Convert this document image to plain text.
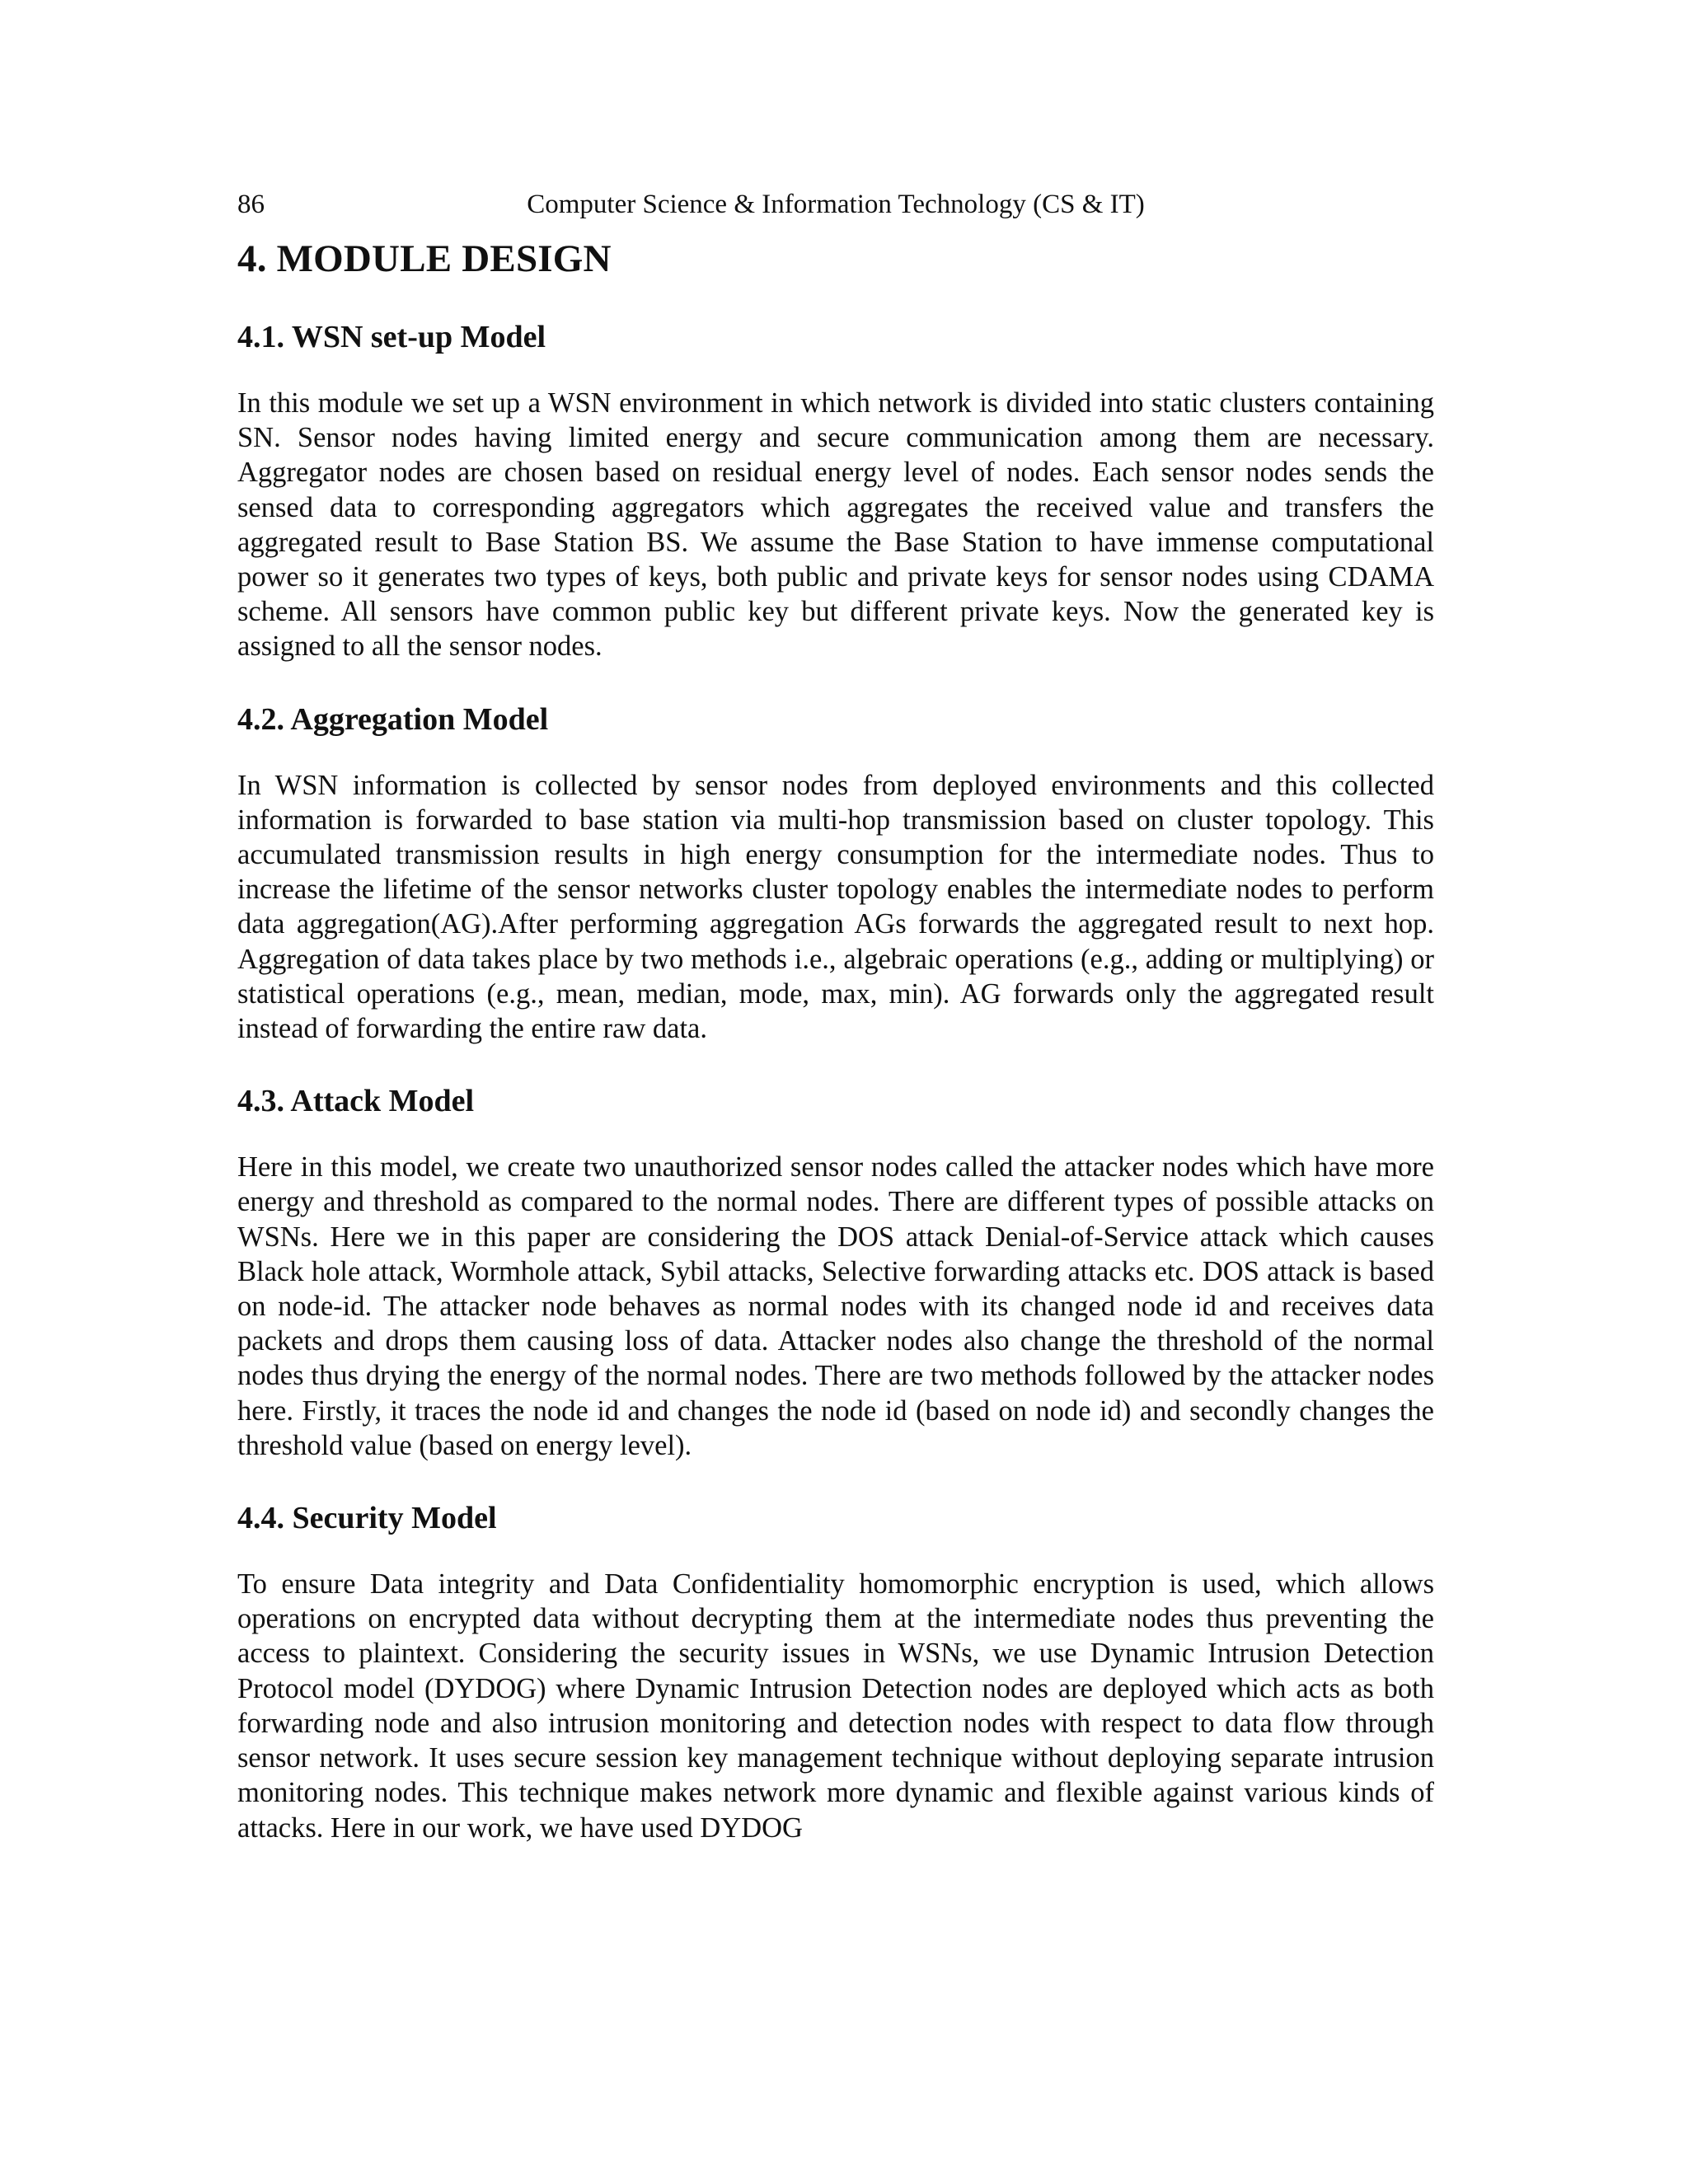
86	Computer Science & Information Technology (CS & IT)
4. MODULE DESIGN
4.1. WSN set-up Model

In this module we set up a WSN environment in which network is divided into static clusters containing SN. Sensor nodes having limited energy and secure communication among them are necessary. Aggregator nodes are chosen based on residual energy level of nodes. Each sensor nodes sends the sensed data to corresponding aggregators which aggregates the received value and transfers the aggregated result to Base Station BS. We assume the Base Station to have immense computational power so it generates two types of keys, both public and private keys for sensor nodes using CDAMA scheme. All sensors have common public key but different private keys. Now the generated key is assigned to all the sensor nodes.

4.2. Aggregation Model

In WSN information is collected by sensor nodes from deployed environments and this collected information is forwarded to base station via multi-hop transmission based on cluster topology. This accumulated transmission results in high energy consumption for the intermediate nodes. Thus to increase the lifetime of the sensor networks cluster topology enables the intermediate nodes to perform data aggregation(AG).After performing aggregation AGs forwards the aggregated result to next hop. Aggregation of data takes place by two methods i.e., algebraic operations (e.g., adding or multiplying) or statistical operations (e.g., mean, median, mode, max, min). AG forwards only the aggregated result instead of forwarding the entire raw data.

4.3. Attack Model

Here in this model, we create two unauthorized sensor nodes called the attacker nodes which have more energy and threshold as compared to the normal nodes. There are different types of possible attacks on WSNs. Here we in this paper are considering the DOS attack Denial-of-Service attack which causes Black hole attack, Wormhole attack, Sybil attacks, Selective forwarding attacks etc. DOS attack is based on node-id. The attacker node behaves as normal nodes with its changed node id and receives data packets and drops them causing loss of data. Attacker nodes also change the threshold of the normal nodes thus drying the energy of the normal nodes. There are two methods followed by the attacker nodes here. Firstly, it traces the node id and changes the node id (based on node id) and secondly changes the threshold value (based on energy level).

4.4. Security Model

To ensure Data integrity and Data Confidentiality homomorphic encryption is used, which allows operations on encrypted data without decrypting them at the intermediate nodes thus preventing the access to plaintext. Considering the security issues in WSNs, we use Dynamic Intrusion Detection Protocol model (DYDOG) where Dynamic Intrusion Detection nodes are deployed which acts as both forwarding node and also intrusion monitoring and detection nodes with respect to data flow through sensor network. It uses secure session key management technique without deploying separate intrusion monitoring nodes. This technique makes network more dynamic and flexible against various kinds of attacks. Here in our work, we have used DYDOG
